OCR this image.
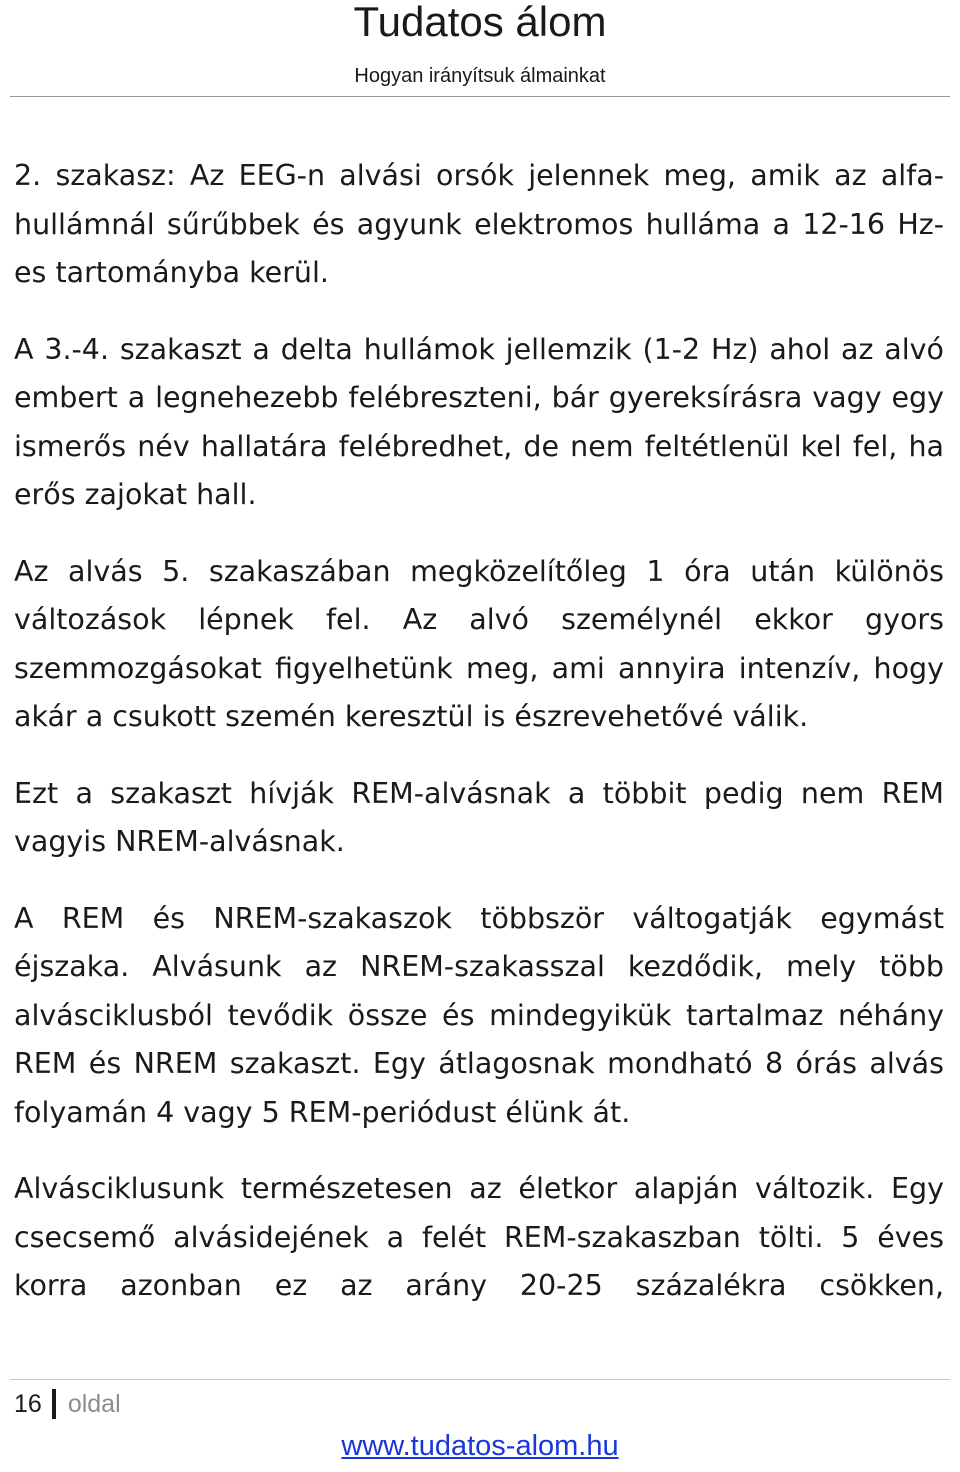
Tudatos álom
Hogyan irányítsuk álmainkat

2. szakasz: Az EEG-n alvási orsók jelennek meg, amik az alfa-hullámnál sűrűbbek és agyunk elektromos hulláma a 12-16 Hz-es tartományba kerül.

A 3.-4. szakaszt a delta hullámok jellemzik (1-2 Hz) ahol az alvó embert a legnehezebb felébreszteni, bár gyereksírásra vagy egy ismerős név hallatára felébredhet, de nem feltétlenül kel fel, ha erős zajokat hall.

Az alvás 5. szakaszában megközelítőleg 1 óra után különös változások lépnek fel. Az alvó személynél ekkor gyors szemmozgásokat figyelhetünk meg, ami annyira intenzív, hogy akár a csukott szemén keresztül is észrevehetővé válik.

Ezt a szakaszt hívják REM-alvásnak a többit pedig nem REM vagyis NREM-alvásnak.

A REM és NREM-szakaszok többször váltogatják egymást éjszaka. Alvásunk az NREM-szakasszal kezdődik, mely több alvásciklusból tevődik össze és mindegyikük tartalmaz néhány REM és NREM szakaszt. Egy átlagosnak mondható 8 órás alvás folyamán 4 vagy 5 REM-periódust élünk át.

Alvásciklusunk természetesen az életkor alapján változik. Egy csecsemő alvásidejének a felét REM-szakaszban tölti. 5 éves korra azonban ez az arány 20-25 százalékra csökken,

16 oldal
www.tudatos-alom.hu
